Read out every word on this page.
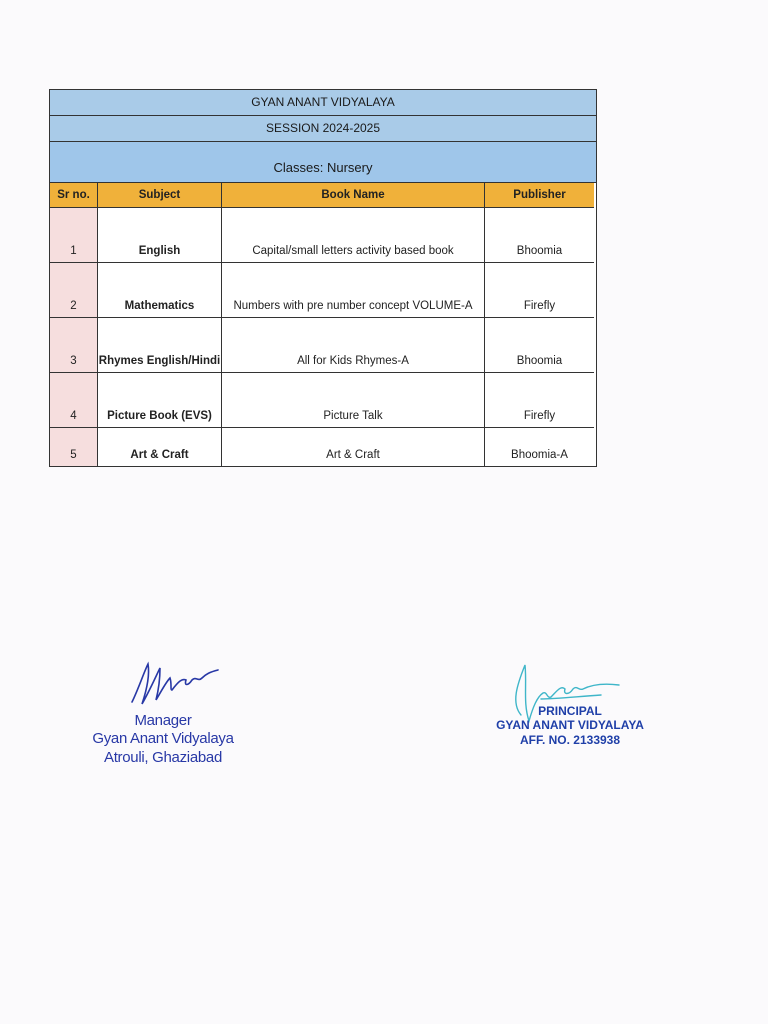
GYAN ANANT VIDYALAYA
SESSION 2024-2025
Classes: Nursery
Sr no.	Subject	Book Name	Publisher
1	English	Capital/small letters activity based book	Bhoomia
2	Mathematics	Numbers with pre number concept VOLUME-A	Firefly
3	Rhymes English/Hindi	All for Kids Rhymes-A	Bhoomia
4	Picture Book (EVS)	Picture Talk	Firefly
5	Art & Craft	Art & Craft	Bhoomia-A
Manager
Gyan Anant Vidyalaya
Atrouli, Ghaziabad
PRINCIPAL
GYAN ANANT VIDYALAYA
AFF. NO. 2133938
